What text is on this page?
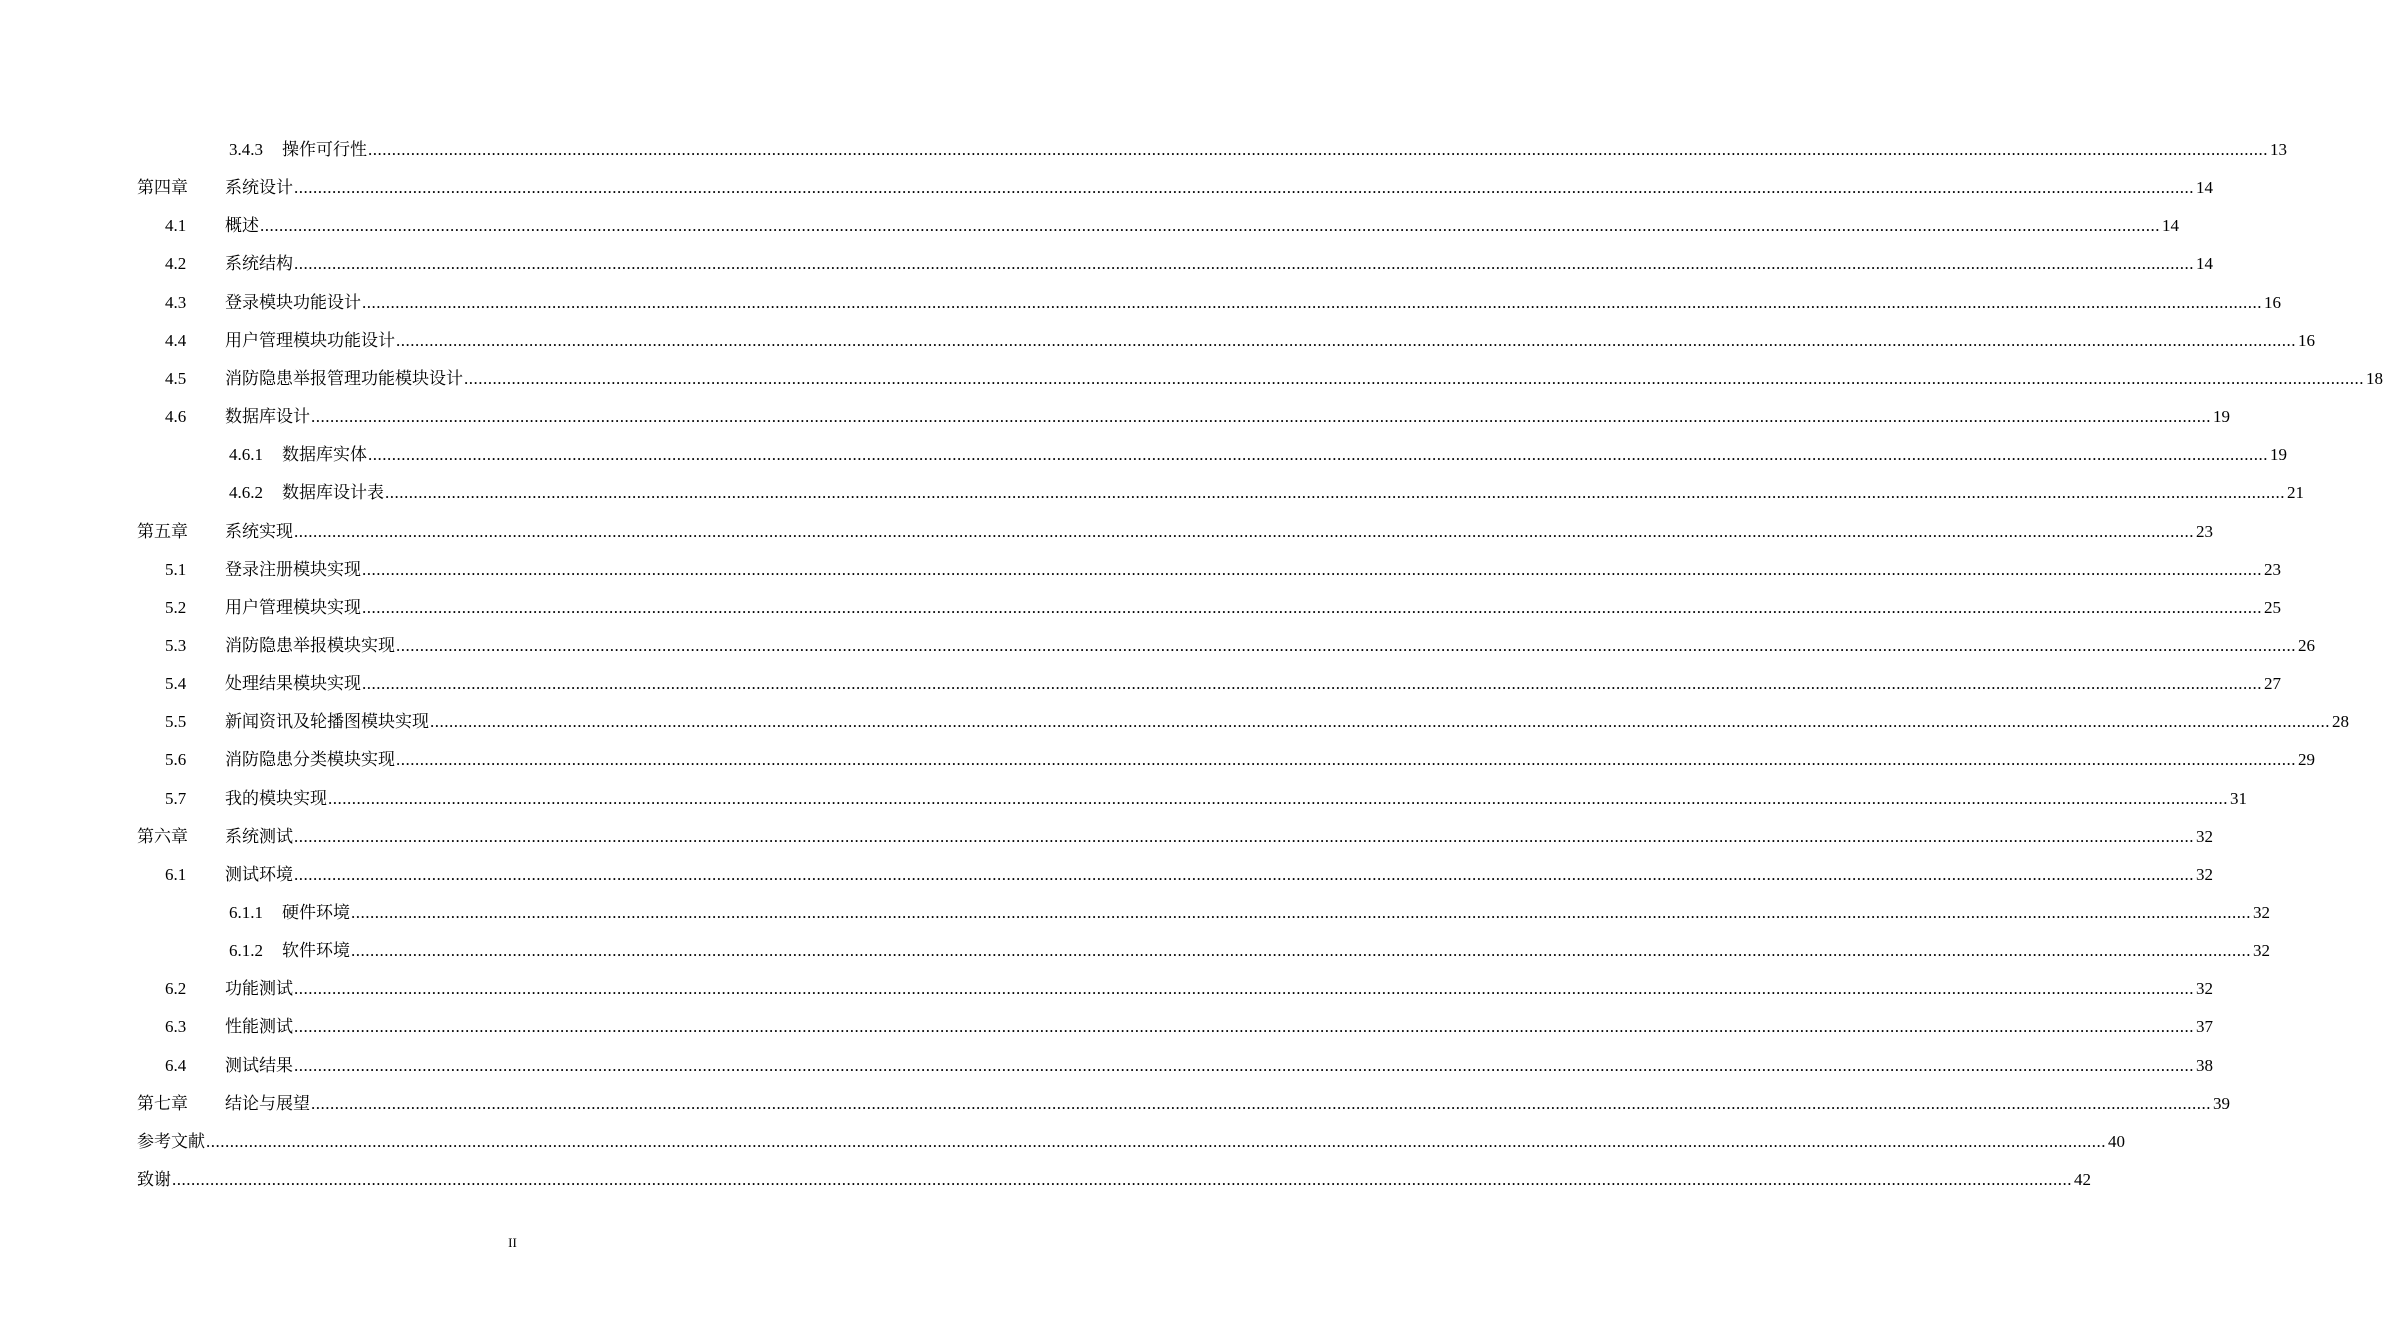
3.4.3 操作可行性 ................................................................................................................................................................................................................................................................................................................................................................................................................ 13
第四章 系统设计 ................................................................................................................................................................................................................................................................................................................................................................................................................ 14
4.1 概述 ................................................................................................................................................................................................................................................................................................................................................................................................................ 14
4.2 系统结构 ................................................................................................................................................................................................................................................................................................................................................................................................................ 14
4.3 登录模块功能设计 ................................................................................................................................................................................................................................................................................................................................................................................................................ 16
4.4 用户管理模块功能设计 ................................................................................................................................................................................................................................................................................................................................................................................................................ 16
4.5 消防隐患举报管理功能模块设计 ................................................................................................................................................................................................................................................................................................................................................................................................................ 18
4.6 数据库设计 ................................................................................................................................................................................................................................................................................................................................................................................................................ 19
4.6.1 数据库实体 ................................................................................................................................................................................................................................................................................................................................................................................................................ 19
4.6.2 数据库设计表 ................................................................................................................................................................................................................................................................................................................................................................................................................ 21
第五章 系统实现 ................................................................................................................................................................................................................................................................................................................................................................................................................ 23
5.1 登录注册模块实现 ................................................................................................................................................................................................................................................................................................................................................................................................................ 23
5.2 用户管理模块实现 ................................................................................................................................................................................................................................................................................................................................................................................................................ 25
5.3 消防隐患举报模块实现 ................................................................................................................................................................................................................................................................................................................................................................................................................ 26
5.4 处理结果模块实现 ................................................................................................................................................................................................................................................................................................................................................................................................................ 27
5.5 新闻资讯及轮播图模块实现 ................................................................................................................................................................................................................................................................................................................................................................................................................ 28
5.6 消防隐患分类模块实现 ................................................................................................................................................................................................................................................................................................................................................................................................................ 29
5.7 我的模块实现 ................................................................................................................................................................................................................................................................................................................................................................................................................ 31
第六章 系统测试 ................................................................................................................................................................................................................................................................................................................................................................................................................ 32
6.1 测试环境 ................................................................................................................................................................................................................................................................................................................................................................................................................ 32
6.1.1 硬件环境 ................................................................................................................................................................................................................................................................................................................................................................................................................ 32
6.1.2 软件环境 ................................................................................................................................................................................................................................................................................................................................................................................................................ 32
6.2 功能测试 ................................................................................................................................................................................................................................................................................................................................................................................................................ 32
6.3 性能测试 ................................................................................................................................................................................................................................................................................................................................................................................................................ 37
6.4 测试结果 ................................................................................................................................................................................................................................................................................................................................................................................................................ 38
第七章 结论与展望 ................................................................................................................................................................................................................................................................................................................................................................................................................ 39
参考文献 ................................................................................................................................................................................................................................................................................................................................................................................................................ 40
致谢 ................................................................................................................................................................................................................................................................................................................................................................................................................ 42
II
